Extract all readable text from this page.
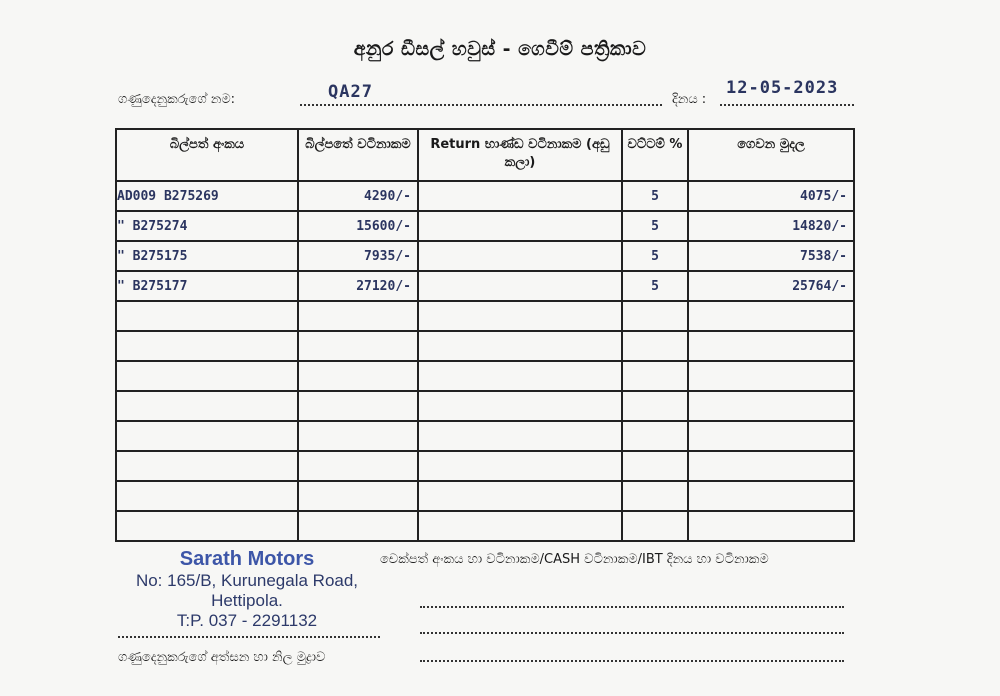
අනුර ඩීසල් හවුස් - ගෙවීම් පත්‍රිකාව
ගණුදෙනුකරුගේ නම:	QA27	දිනය :
12-05-2023
බිල්පත් අංකය	බිල්පතේ වටිනාකම	Return භාණ්ඩ වටිනාකම (අඩු කලා)	වට්ටම් %	ගෙවන මුදල
AD009 B275269	4290/-		5	4075/-
" B275274	15600/-		5	14820/-
" B275175	7935/-		5	7538/-
" B275177	27120/-		5	25764/-

Sarath Motors
No: 165/B, Kurunegala Road,
Hettipola.
T:P. 037 - 2291132
චෙක්පත් අංකය හා වටිනාකම/CASH වටිනාකම/IBT දිනය හා වටිනාකම
ගණුදෙනුකරුගේ අත්සන හා නිල මුද්‍රාව
